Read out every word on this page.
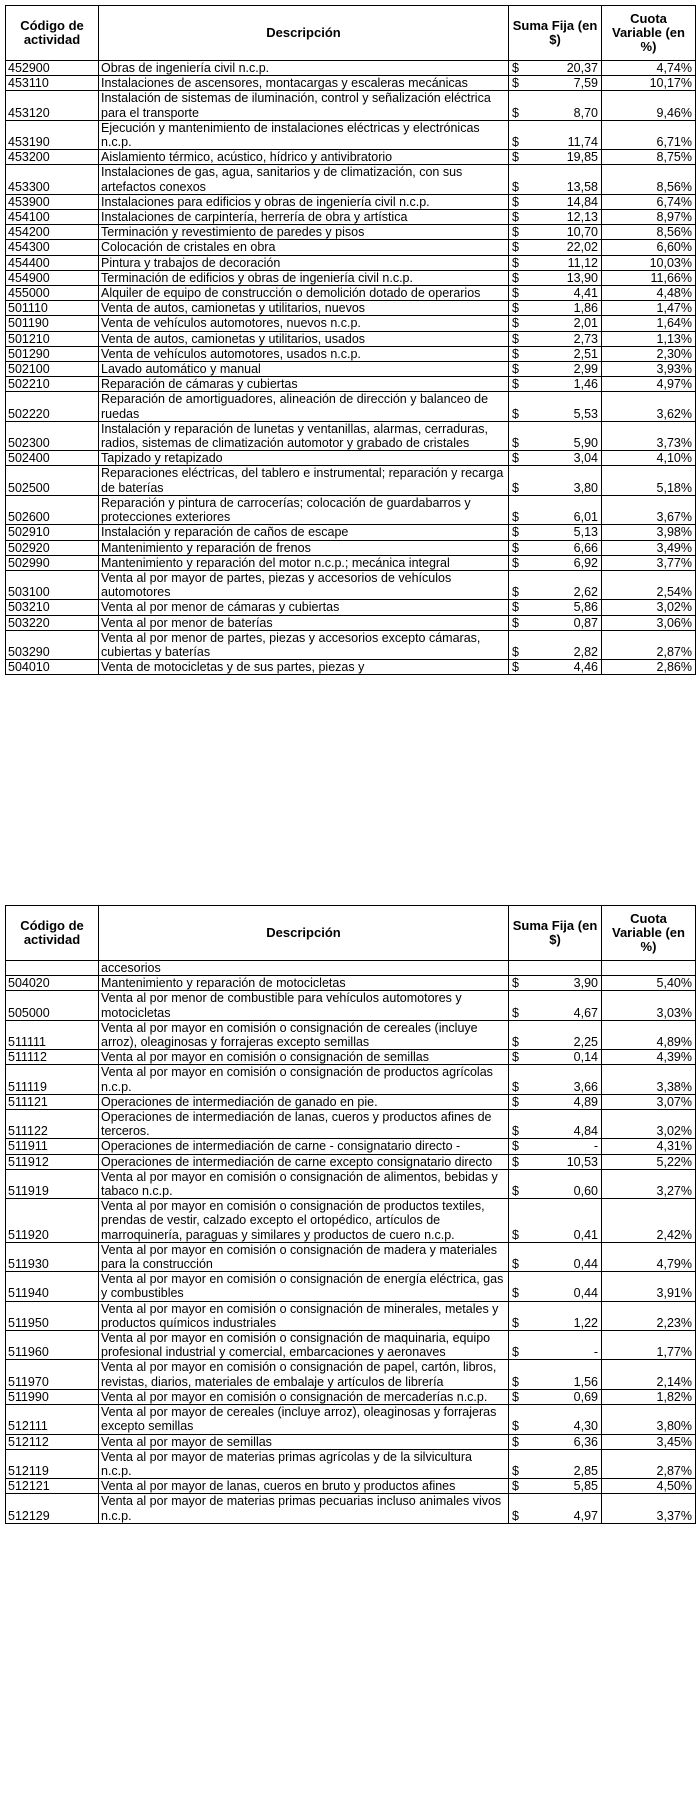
Código de actividad	Descripción	Suma Fija (en $)	Cuota Variable (en %)
452900	Obras de ingeniería civil n.c.p.	$ 20,37	4,74%
453110	Instalaciones de ascensores, montacargas y escaleras mecánicas	$ 7,59	10,17%
453120	Instalación de sistemas de iluminación, control y señalización eléctrica para el transporte	$ 8,70	9,46%
453190	Ejecución y mantenimiento de instalaciones eléctricas y electrónicas n.c.p.	$ 11,74	6,71%
453200	Aislamiento térmico, acústico, hídrico y antivibratorio	$ 19,85	8,75%
453300	Instalaciones de gas, agua, sanitarios y de climatización, con sus artefactos conexos	$ 13,58	8,56%
453900	Instalaciones para edificios y obras de ingeniería civil n.c.p.	$ 14,84	6,74%
454100	Instalaciones de carpintería, herrería de obra y artística	$ 12,13	8,97%
454200	Terminación y revestimiento de paredes y pisos	$ 10,70	8,56%
454300	Colocación de cristales en obra	$ 22,02	6,60%
454400	Pintura y trabajos de decoración	$ 11,12	10,03%
454900	Terminación de edificios y obras de ingeniería civil n.c.p.	$ 13,90	11,66%
455000	Alquiler de equipo de construcción o demolición dotado de operarios	$ 4,41	4,48%
501110	Venta de autos, camionetas y utilitarios, nuevos	$ 1,86	1,47%
501190	Venta de vehículos automotores, nuevos n.c.p.	$ 2,01	1,64%
501210	Venta de autos, camionetas y utilitarios, usados	$ 2,73	1,13%
501290	Venta de vehículos automotores, usados n.c.p.	$ 2,51	2,30%
502100	Lavado automático y manual	$ 2,99	3,93%
502210	Reparación de cámaras y cubiertas	$ 1,46	4,97%
502220	Reparación de amortiguadores, alineación de dirección y balanceo de ruedas	$ 5,53	3,62%
502300	Instalación y reparación de lunetas y ventanillas, alarmas, cerraduras, radios, sistemas de climatización automotor y grabado de cristales	$ 5,90	3,73%
502400	Tapizado y retapizado	$ 3,04	4,10%
502500	Reparaciones eléctricas, del tablero e instrumental; reparación y recarga de baterías	$ 3,80	5,18%
502600	Reparación y pintura de carrocerías; colocación de guardabarros y protecciones exteriores	$ 6,01	3,67%
502910	Instalación y reparación de caños de escape	$ 5,13	3,98%
502920	Mantenimiento y reparación de frenos	$ 6,66	3,49%
502990	Mantenimiento y reparación del motor n.c.p.; mecánica integral	$ 6,92	3,77%
503100	Venta al por mayor de partes, piezas y accesorios de vehículos automotores	$ 2,62	2,54%
503210	Venta al por menor de cámaras y cubiertas	$ 5,86	3,02%
503220	Venta al por menor de baterías	$ 0,87	3,06%
503290	Venta al por menor de partes, piezas y accesorios excepto cámaras, cubiertas y baterías	$ 2,82	2,87%
504010	Venta de motocicletas y de sus partes, piezas y	$ 4,46	2,86%
Código de actividad	Descripción	Suma Fija (en $)	Cuota Variable (en %)
	accesorios	

504020	Mantenimiento y reparación de motocicletas	$ 3,90	5,40%
505000	Venta al por menor de combustible para vehículos automotores y motocicletas	$ 4,67	3,03%
511111	Venta al por mayor en comisión o consignación de cereales (incluye arroz), oleaginosas y forrajeras excepto semillas	$ 2,25	4,89%
511112	Venta al por mayor en comisión o consignación de semillas	$ 0,14	4,39%
511119	Venta al por mayor en comisión o consignación de productos agrícolas n.c.p.	$ 3,66	3,38%
511121	Operaciones de intermediación de ganado en pie.	$ 4,89	3,07%
511122	Operaciones de intermediación de lanas, cueros y productos afines de terceros.	$ 4,84	3,02%
511911	Operaciones de intermediación de carne - consignatario directo -	$ -	4,31%
511912	Operaciones de intermediación de carne excepto consignatario directo	$ 10,53	5,22%
511919	Venta al por mayor en comisión o consignación de alimentos, bebidas y tabaco n.c.p.	$ 0,60	3,27%
511920	Venta al por mayor en comisión o consignación de productos textiles, prendas de vestir, calzado excepto el ortopédico, artículos de marroquinería, paraguas y similares y productos de cuero n.c.p.	$ 0,41	2,42%
511930	Venta al por mayor en comisión o consignación de madera y materiales para la construcción	$ 0,44	4,79%
511940	Venta al por mayor en comisión o consignación de energía eléctrica, gas y combustibles	$ 0,44	3,91%
511950	Venta al por mayor en comisión o consignación de minerales, metales y productos químicos industriales	$ 1,22	2,23%
511960	Venta al por mayor en comisión o consignación de maquinaria, equipo profesional industrial y comercial, embarcaciones y aeronaves	$ -	1,77%
511970	Venta al por mayor en comisión o consignación de papel, cartón, libros, revistas, diarios, materiales de embalaje y artículos de librería	$ 1,56	2,14%
511990	Venta al por mayor en comisión o consignación de mercaderías n.c.p.	$ 0,69	1,82%
512111	Venta al por mayor de cereales (incluye arroz), oleaginosas y forrajeras excepto semillas	$ 4,30	3,80%
512112	Venta al por mayor de semillas	$ 6,36	3,45%
512119	Venta al por mayor de materias primas agrícolas y de la silvicultura n.c.p.	$ 2,85	2,87%
512121	Venta al por mayor de lanas, cueros en bruto y productos afines	$ 5,85	4,50%
512129	Venta al por mayor de materias primas pecuarias incluso animales vivos n.c.p.	$ 4,97	3,37%
